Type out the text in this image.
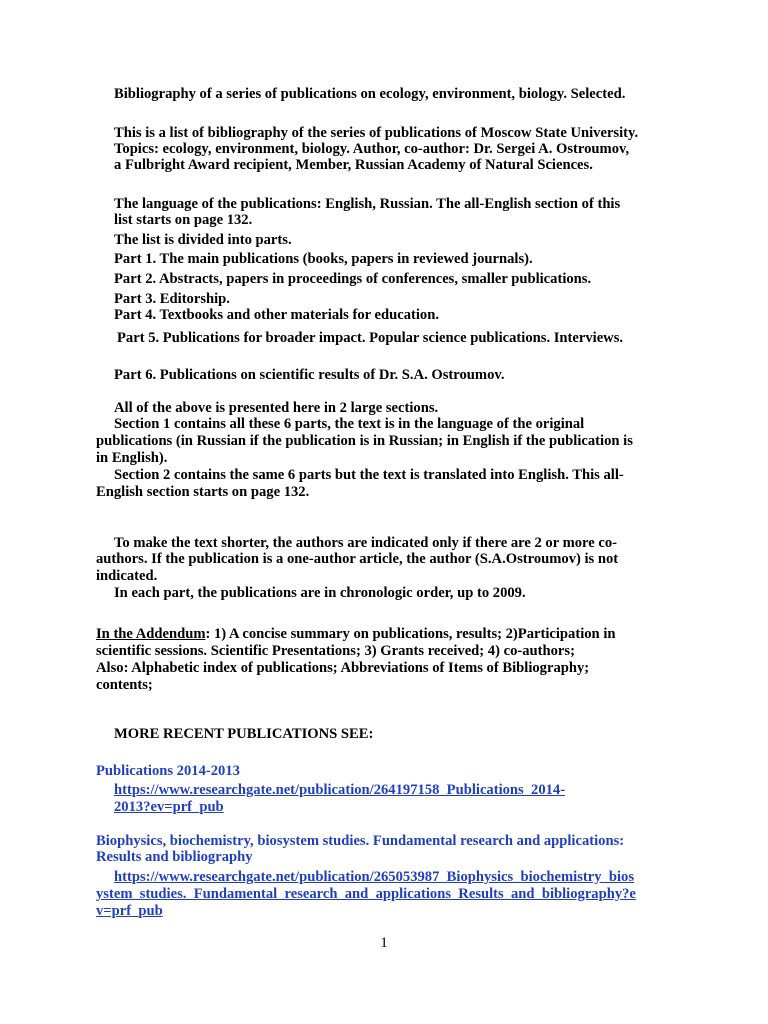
Bibliography of a series of publications on ecology, environment, biology. Selected.
This is a list of bibliography of the series of publications of Moscow State University.
Topics: ecology, environment, biology. Author, co-author: Dr. Sergei A. Ostroumov,
a Fulbright Award recipient, Member, Russian Academy of Natural Sciences.
The language of the publications: English, Russian. The all-English section of this
list starts on page 132.
The list is divided into parts.
Part 1. The main publications (books, papers in reviewed journals).
Part 2. Abstracts, papers in proceedings of conferences, smaller publications.
Part 3. Editorship.
Part 4. Textbooks and other materials for education.
Part 5. Publications for broader impact. Popular science publications. Interviews.
Part 6. Publications on scientific results of Dr. S.A. Ostroumov.
All of the above is presented here in 2 large sections.
Section 1 contains all these 6 parts, the text is in the language of the original
publications (in Russian if the publication is in Russian; in English if the publication is
in English).
Section 2 contains the same 6 parts but the text is translated into English. This all-
English section starts on page 132.
To make the text shorter, the authors are indicated only if there are 2 or more co-
authors. If the publication is a one-author article, the author (S.A.Ostroumov) is not
indicated.
In each part, the publications are in chronologic order, up to 2009.
In the Addendum: 1) A concise summary on publications, results; 2)Participation in
scientific sessions. Scientific Presentations; 3) Grants received; 4) co-authors;
Also: Alphabetic index of publications; Abbreviations of Items of Bibliography;
contents;
MORE RECENT PUBLICATIONS SEE:
Publications 2014-2013
https://www.researchgate.net/publication/264197158_Publications_2014-
2013?ev=prf_pub
Biophysics, biochemistry, biosystem studies. Fundamental research and applications:
Results and bibliography
https://www.researchgate.net/publication/265053987_Biophysics_biochemistry_bios
ystem_studies._Fundamental_research_and_applications_Results_and_bibliography?e
v=prf_pub
1
